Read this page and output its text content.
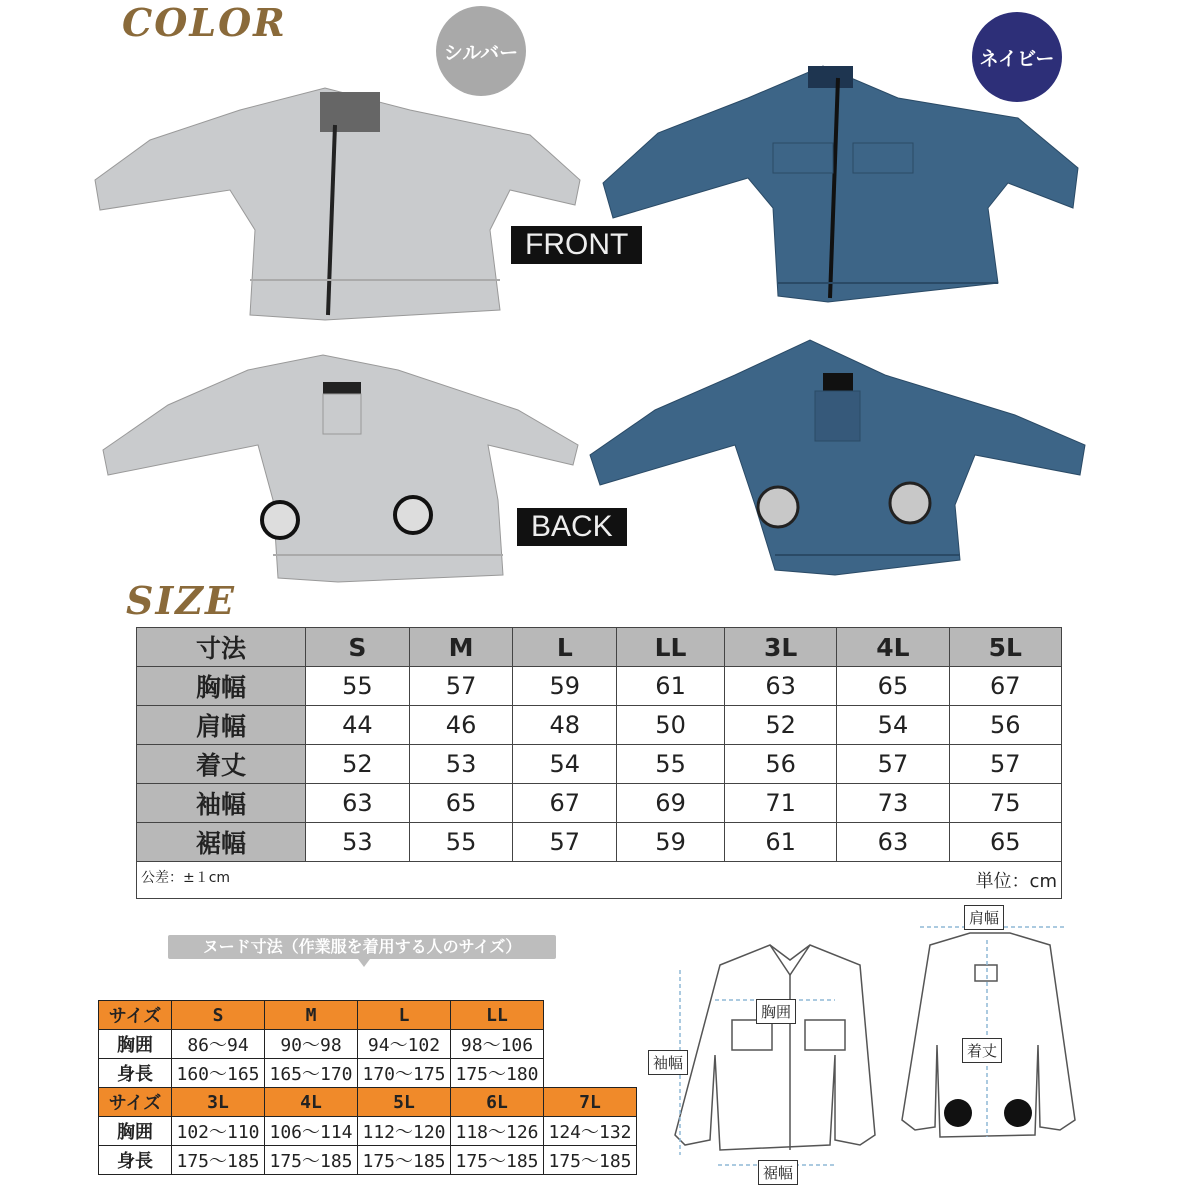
COLOR
SIZE
シルバー	ネイビー
FRONT
BACK
寸法	S	M	L	LL	3L	4L	5L
胸幅	55	57	59	61	63	65	67
肩幅	44	46	48	50	52	54	56
着丈	52	53	54	55	56	57	57
袖幅	63	65	67	69	71	73	75
裾幅	53	55	57	59	61	63	65
公差：±１cm 単位：cm							
ヌード寸法（作業服を着用する人のサイズ）
サイズ	S	M	L	LL
胸囲	86～94	90～98	94～102	98～106
身長	160～165	165～170	170～175	175～180
サイズ	3L	4L	5L	6L	7L
胸囲	102～110	106～114	112～120	118～126	124～132
身長	175～185	175～185	175～185	175～185	175～185
胸囲
袖幅
裾幅
肩幅
着丈
